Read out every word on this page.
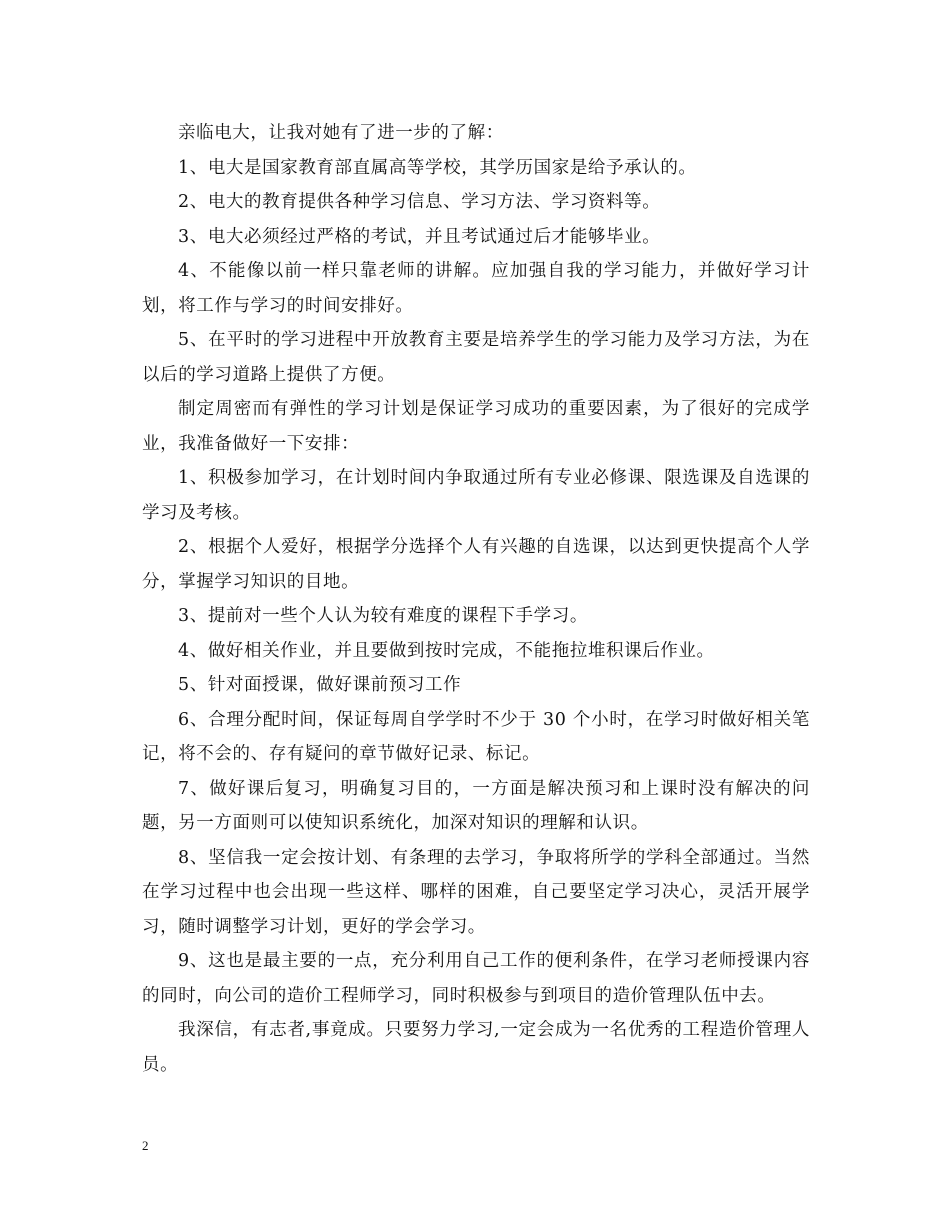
亲临电大，让我对她有了进一步的了解：

1、电大是国家教育部直属高等学校，其学历国家是给予承认的。

2、电大的教育提供各种学习信息、学习方法、学习资料等。

3、电大必须经过严格的考试，并且考试通过后才能够毕业。

4、不能像以前一样只靠老师的讲解。应加强自我的学习能力，并做好学习计划，将工作与学习的时间安排好。

5、在平时的学习进程中开放教育主要是培养学生的学习能力及学习方法，为在以后的学习道路上提供了方便。

制定周密而有弹性的学习计划是保证学习成功的重要因素，为了很好的完成学业，我准备做好一下安排：

1、积极参加学习，在计划时间内争取通过所有专业必修课、限选课及自选课的学习及考核。

2、根据个人爱好，根据学分选择个人有兴趣的自选课，以达到更快提高个人学分，掌握学习知识的目地。

3、提前对一些个人认为较有难度的课程下手学习。

4、做好相关作业，并且要做到按时完成，不能拖拉堆积课后作业。

5、针对面授课，做好课前预习工作

6、合理分配时间，保证每周自学学时不少于 30 个小时，在学习时做好相关笔记，将不会的、存有疑问的章节做好记录、标记。

7、做好课后复习，明确复习目的，一方面是解决预习和上课时没有解决的问题，另一方面则可以使知识系统化，加深对知识的理解和认识。

8、坚信我一定会按计划、有条理的去学习，争取将所学的学科全部通过。当然在学习过程中也会出现一些这样、哪样的困难，自己要坚定学习决心，灵活开展学习，随时调整学习计划，更好的学会学习。

9、这也是最主要的一点，充分利用自己工作的便利条件，在学习老师授课内容的同时，向公司的造价工程师学习，同时积极参与到项目的造价管理队伍中去。

我深信，有志者,事竟成。只要努力学习,一定会成为一名优秀的工程造价管理人员。

2
